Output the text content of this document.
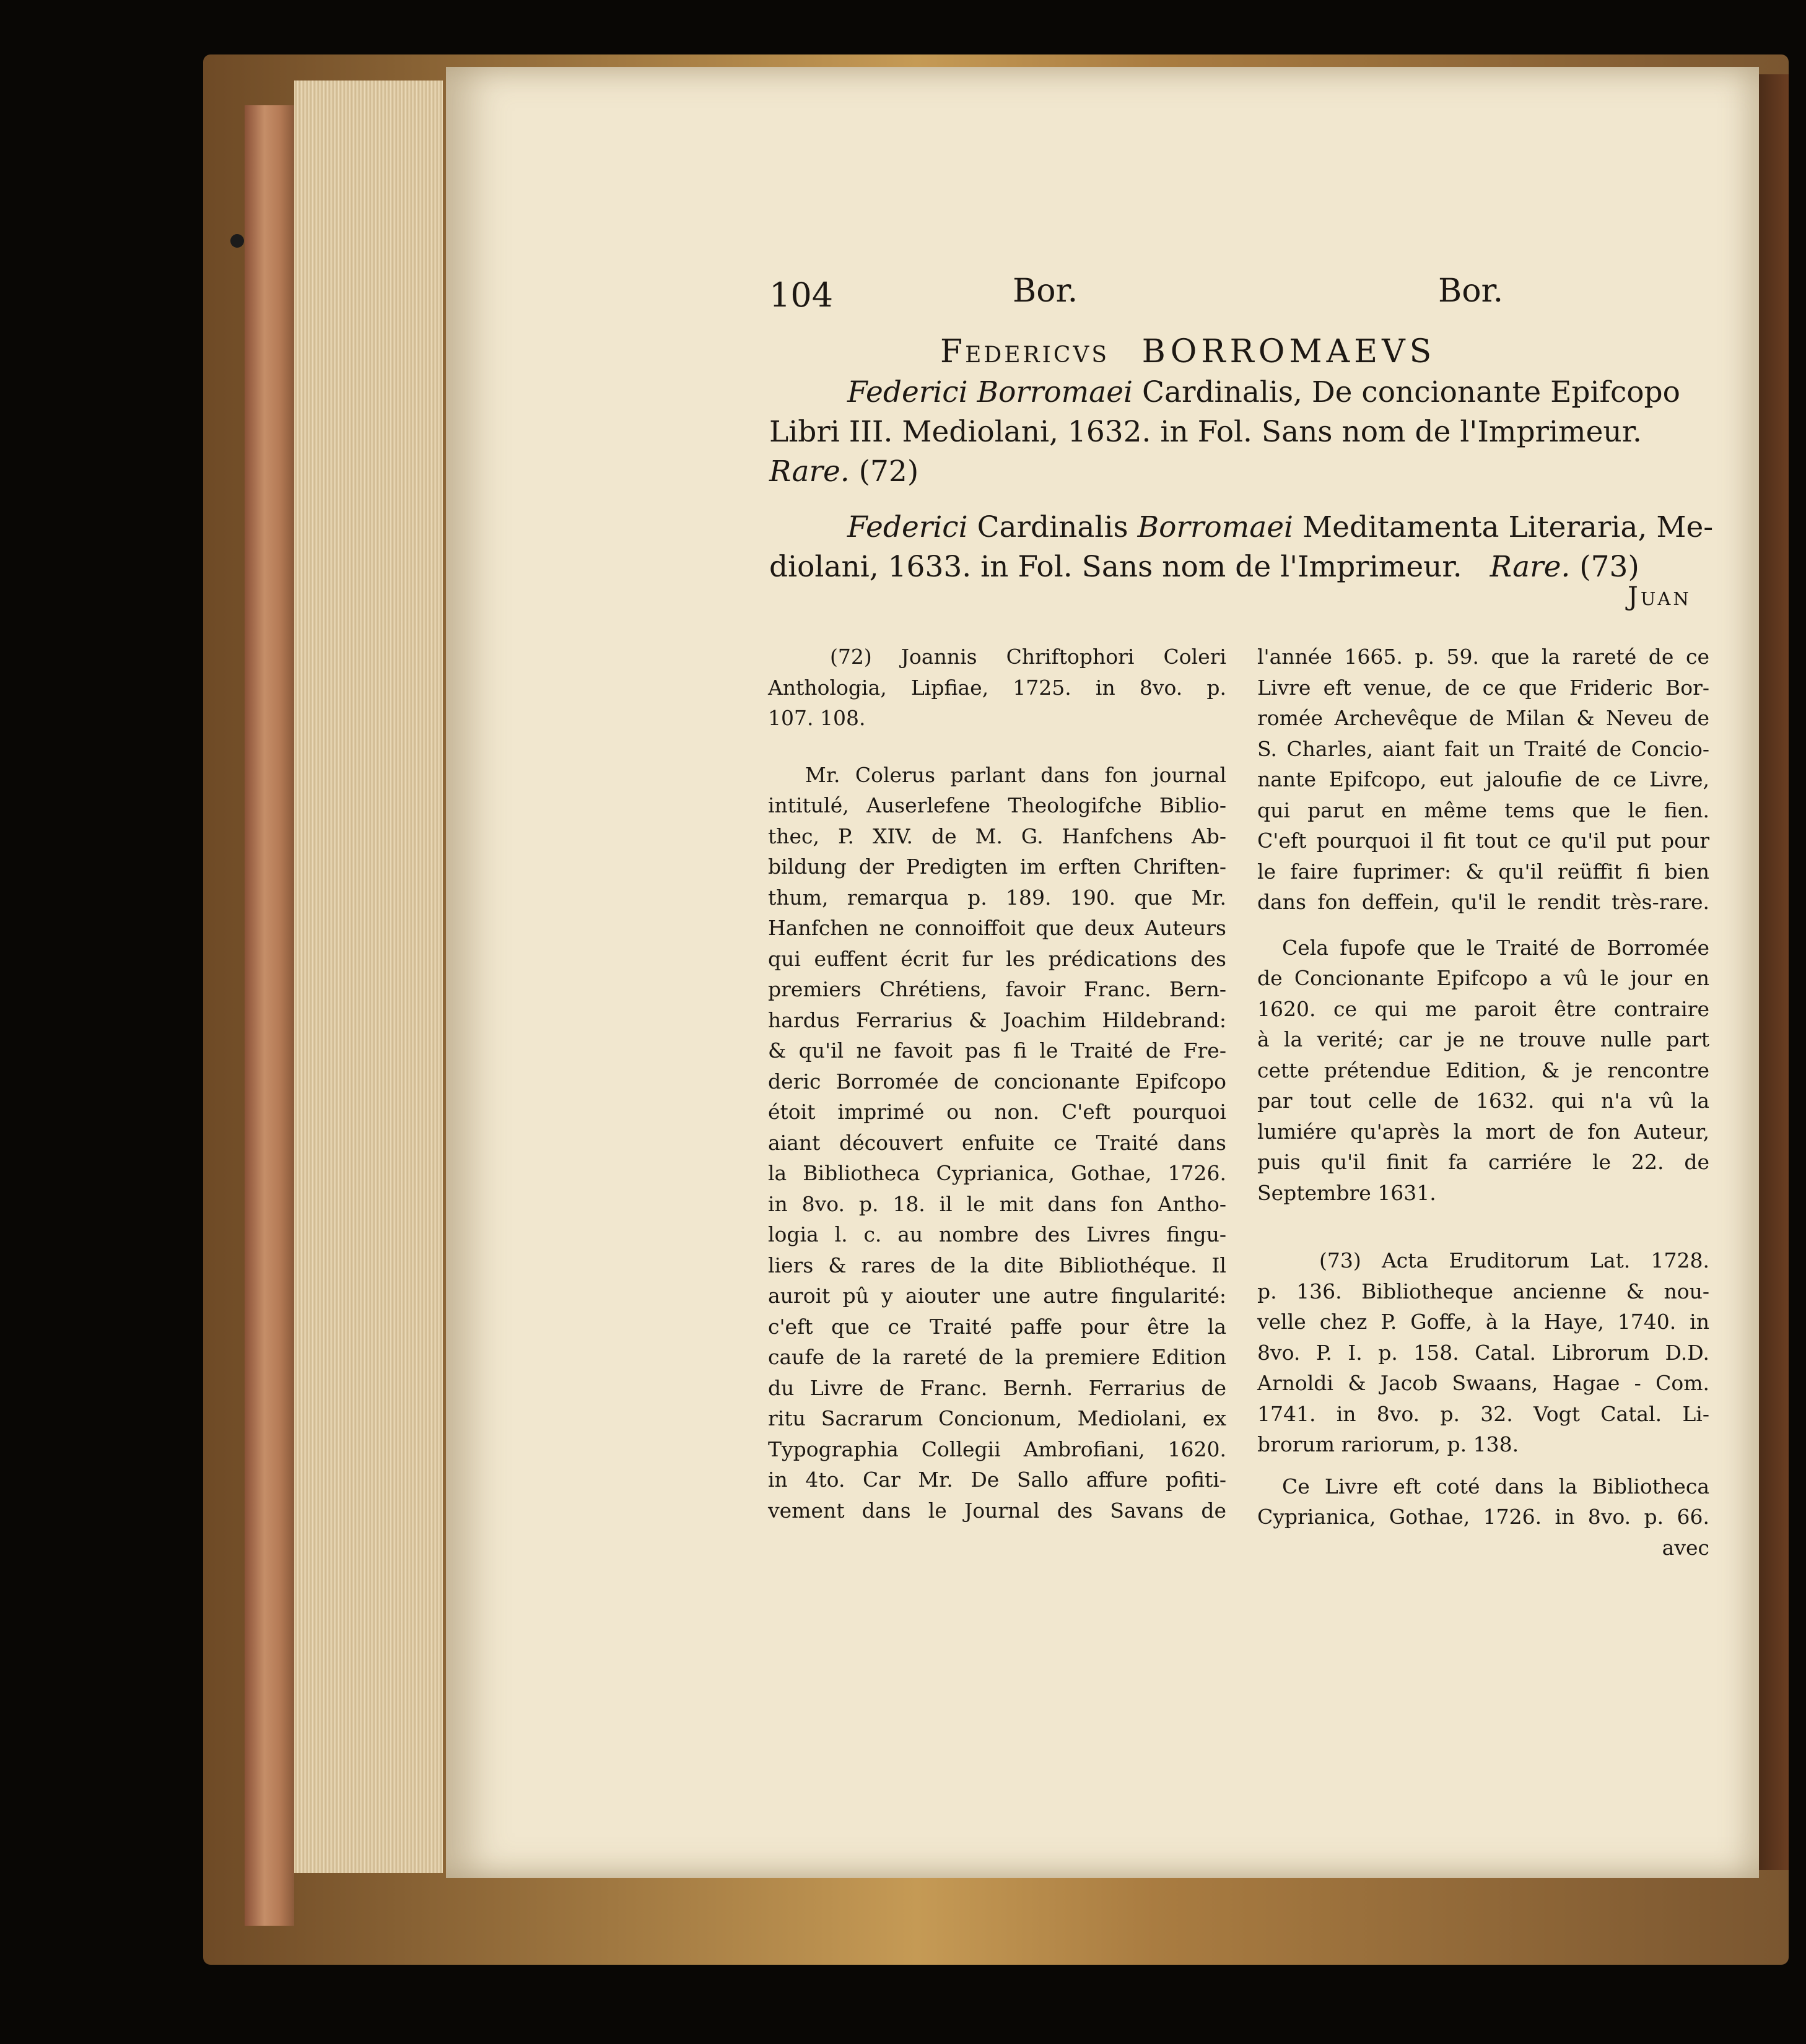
104	Bor.	Bor.

Federicvs BORROMAEVS

Federici Borromaei Cardinalis, De concionante Epifcopo

Libri III. Mediolani, 1632. in Fol. Sans nom de l'Imprimeur.

Rare. (72)

Federici Cardinalis Borromaei Meditamenta Literaria, Me-

diolani, 1633. in Fol. Sans nom de l'Imprimeur. Rare. (73)

Juan

(72) Joannis Chriftophori Coleri
Anthologia, Lipfiae, 1725. in 8vo. p.
107. 108.

Mr. Colerus parlant dans fon journal
intitulé, Auserlefene Theologifche Biblio-
thec, P. XIV. de M. G. Hanfchens Ab-
bildung der Predigten im erften Chriften-
thum, remarqua p. 189. 190. que Mr.
Hanfchen ne connoiffoit que deux Auteurs
qui euffent écrit fur les prédications des
premiers Chrétiens, favoir Franc. Bern-
hardus Ferrarius & Joachim Hildebrand:
& qu'il ne favoit pas fi le Traité de Fre-
deric Borromée de concionante Epifcopo
étoit imprimé ou non. C'eft pourquoi
aiant découvert enfuite ce Traité dans
la Bibliotheca Cyprianica, Gothae, 1726.
in 8vo. p. 18. il le mit dans fon Antho-
logia l. c. au nombre des Livres fingu-
liers & rares de la dite Bibliothéque. Il
auroit pû y aiouter une autre fingularité:
c'eft que ce Traité paffe pour être la
caufe de la rareté de la premiere Edition
du Livre de Franc. Bernh. Ferrarius de
ritu Sacrarum Concionum, Mediolani, ex
Typographia Collegii Ambrofiani, 1620.
in 4to. Car Mr. De Sallo affure pofiti-
vement dans le Journal des Savans de

l'année 1665. p. 59. que la rareté de ce
Livre eft venue, de ce que Frideric Bor-
romée Archevêque de Milan & Neveu de
S. Charles, aiant fait un Traité de Concio-
nante Epifcopo, eut jaloufie de ce Livre,
qui parut en même tems que le fien.
C'eft pourquoi il fit tout ce qu'il put pour
le faire fuprimer: & qu'il reüffit fi bien
dans fon deffein, qu'il le rendit très-rare.

Cela fupofe que le Traité de Borromée
de Concionante Epifcopo a vû le jour en
1620. ce qui me paroit être contraire
à la verité; car je ne trouve nulle part
cette prétendue Edition, & je rencontre
par tout celle de 1632. qui n'a vû la
lumiére qu'après la mort de fon Auteur,
puis qu'il finit fa carriére le 22. de
Septembre 1631.

(73) Acta Eruditorum Lat. 1728.
p. 136. Bibliotheque ancienne & nou-
velle chez P. Goffe, à la Haye, 1740. in
8vo. P. I. p. 158. Catal. Librorum D.D.
Arnoldi & Jacob Swaans, Hagae - Com.
1741. in 8vo. p. 32. Vogt Catal. Li-
brorum rariorum, p. 138.

Ce Livre eft coté dans la Bibliotheca
Cyprianica, Gothae, 1726. in 8vo. p. 66.

avec
